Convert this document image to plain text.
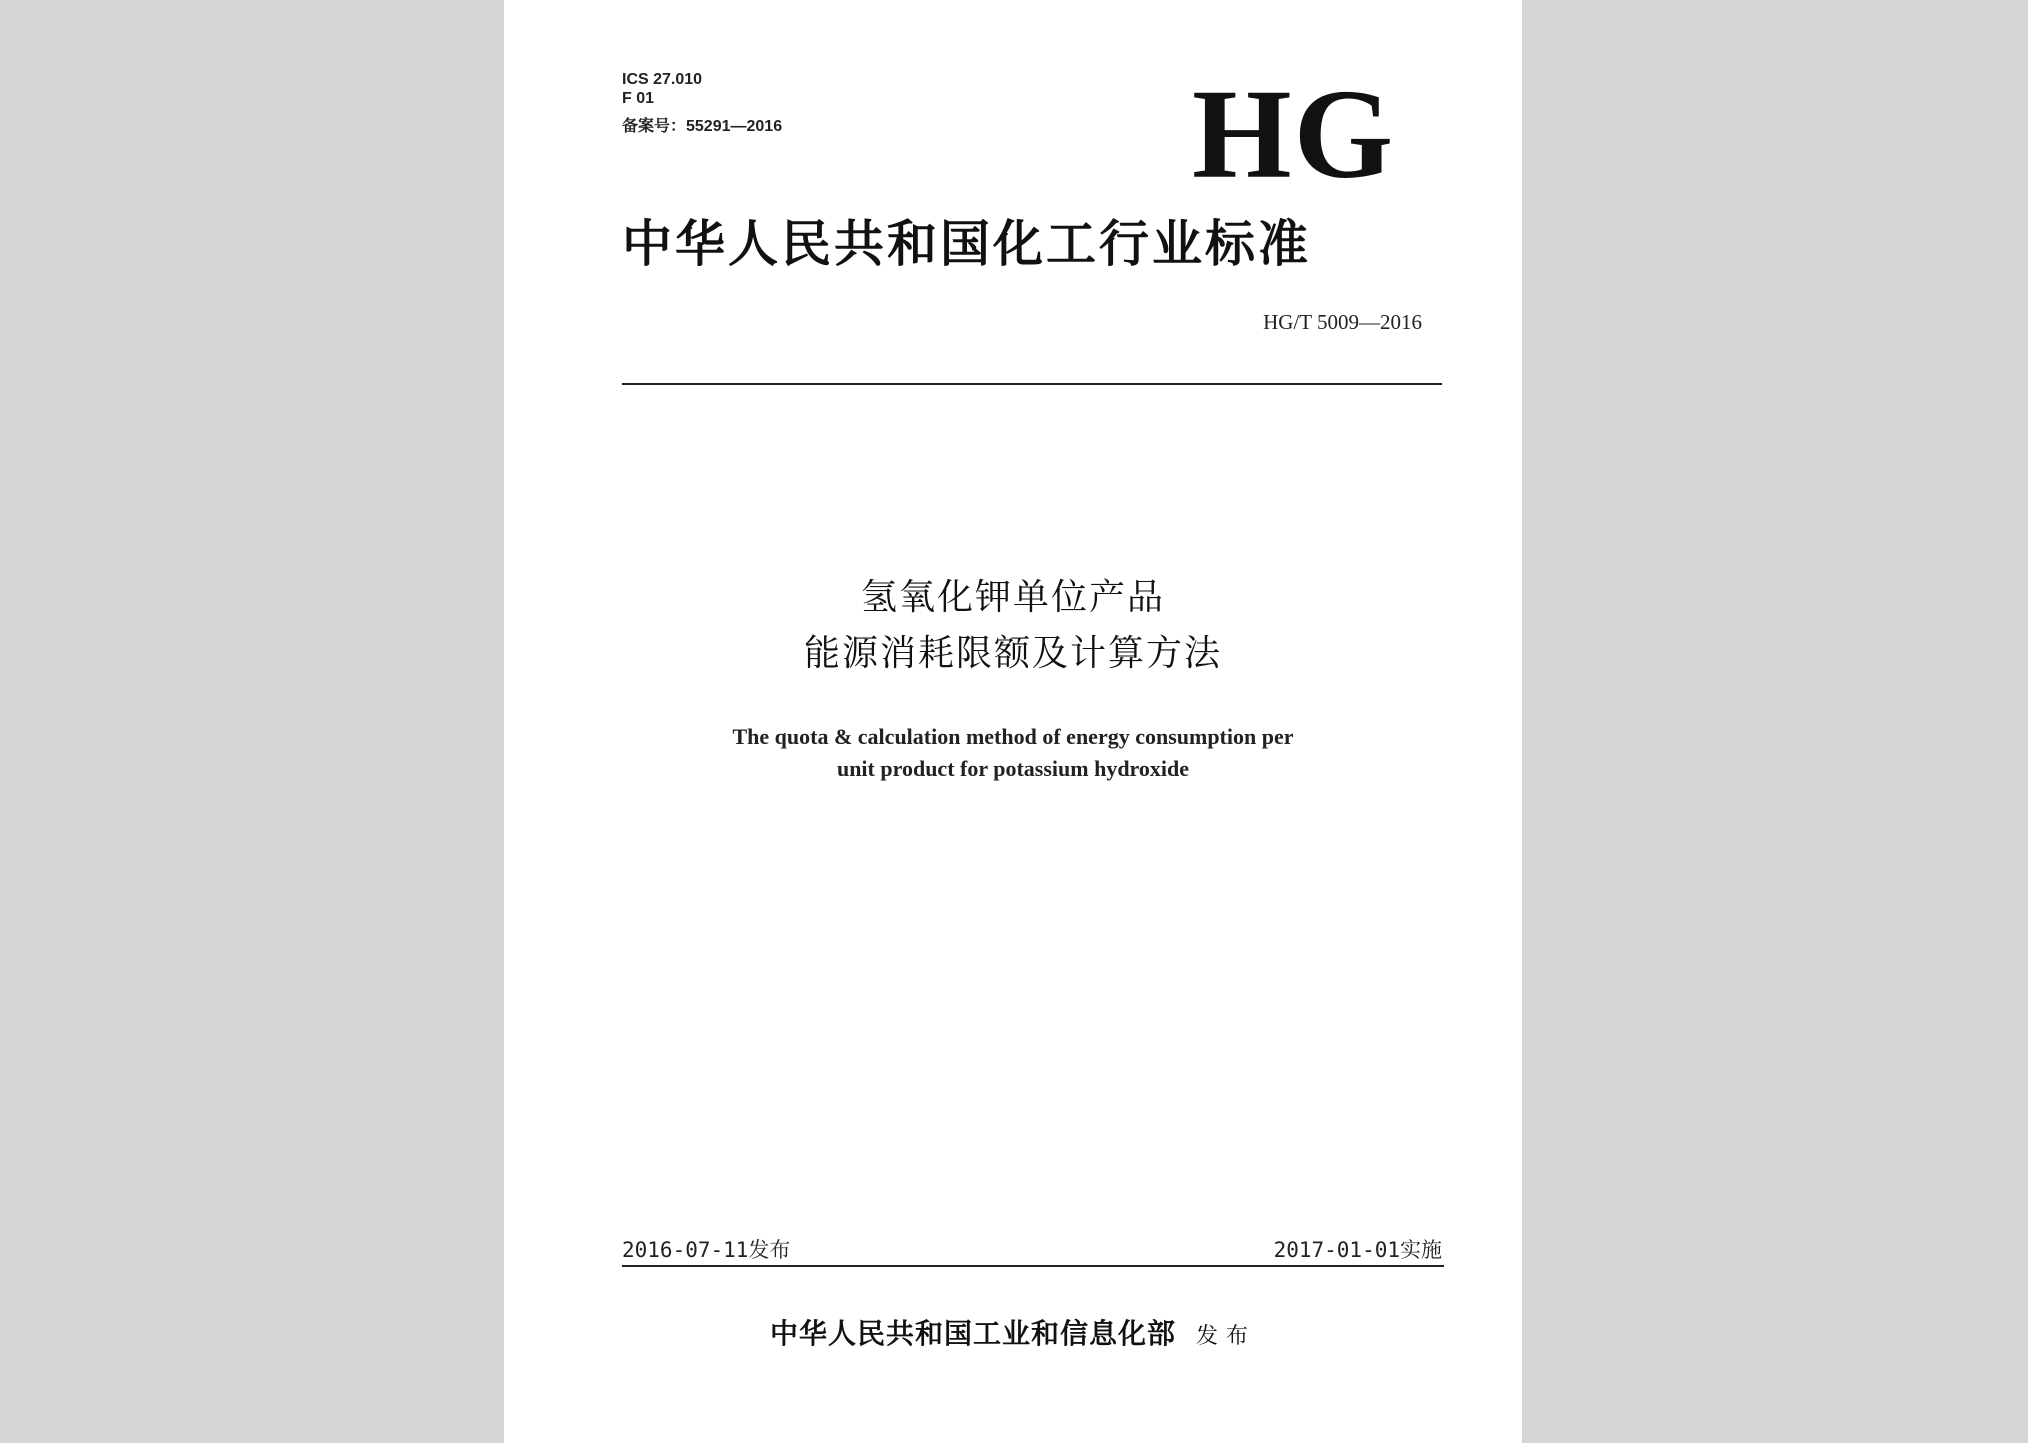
ICS 27.010
F 01
备案号：55291—2016	HG
中华人民共和国化工行业标准
HG/T 5009—2016
氢氧化钾单位产品
能源消耗限额及计算方法
The quota & calculation method of energy consumption per
unit product for potassium hydroxide
2016-07-11发布	2017-01-01实施
中华人民共和国工业和信息化部 发布
